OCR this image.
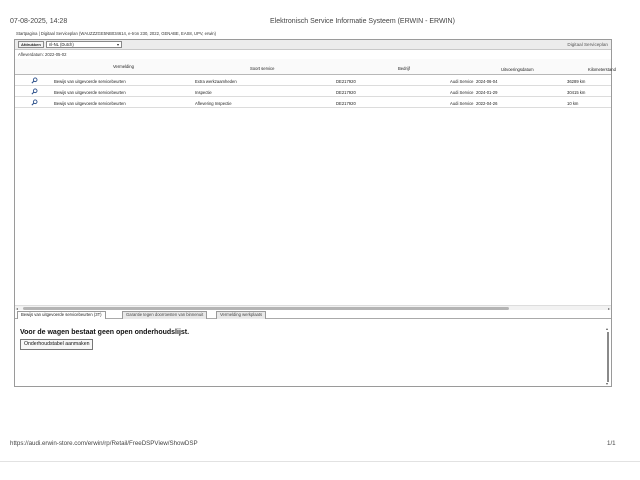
07-08-2025, 14:28	Elektronisch Service Informatie Systeem (ERWIN - ERWIN)
Startpagina | Digitaal Serviceplan (WAUZZZGE5NB034614, e-tron 230, 2022, GENABE, EAS8, UPV, erwin)
Afdrukken	nl-NL (Dutch)	▾	Digitaal Serviceplan
Afleverdatum: 2022-05-02
Vermelding	Soort service	Bedrijf	Uitvoeringsdatum	Kilometerstand
Bewijs van uitgevoerde servicebeurten	Extra werkzaamheden	DE217920	Audi Service 2024-06-04	36289 km
Bewijs van uitgevoerde servicebeurten	Inspectie	DE217920	Audi Service 2024-01-29	30415 km
Bewijs van uitgevoerde servicebeurten	Aflevering Inspectie	DE217920	Audi Service 2022-04-26	10 km
◂	▸
Bewijs van uitgevoerde servicebeurten (3T)	Garantie tegen doorroesten van binnenuit	Vermelding werkplaats
Voor de wagen bestaat geen open onderhoudslijst.
Onderhoudstabel aanmaken
▴
▾
https://audi.erwin-store.com/erwin/rp/Retail/FreeDSPView/ShowDSP	1/1
